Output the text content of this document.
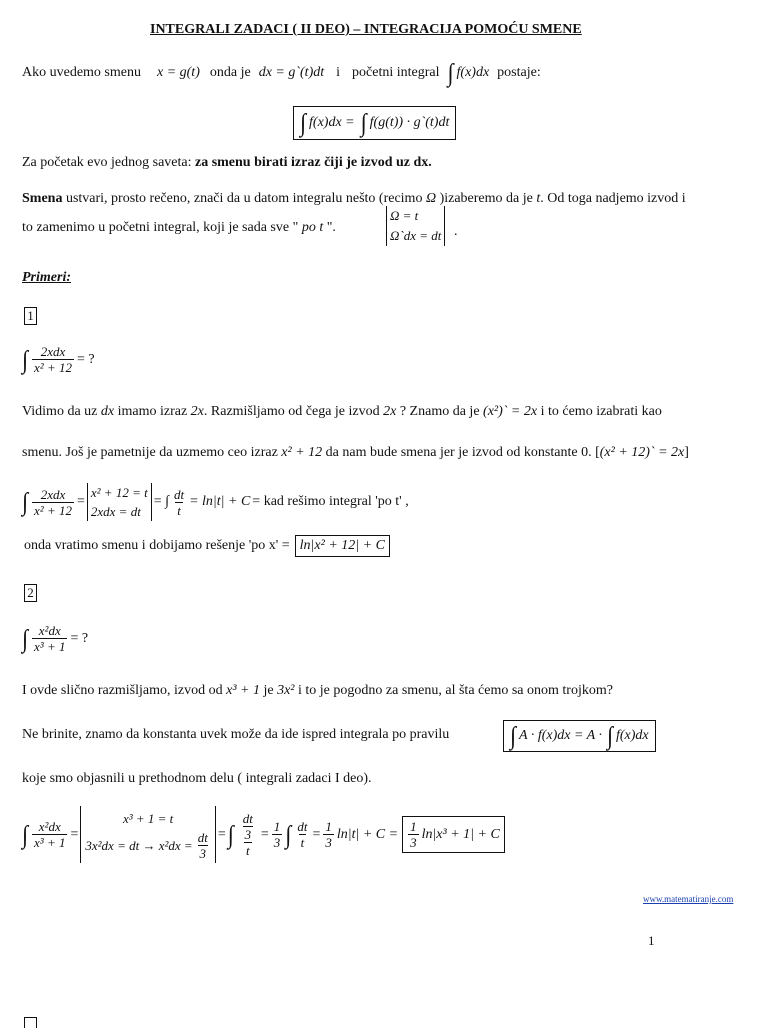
INTEGRALI ZADACI ( II DEO) – INTEGRACIJA POMOĆU SMENE
Ako uvedemo smenu x = g(t) onda je dx = g`(t)dt i početni integral ∫ f(x)dx postaje:
∫ f(x)dx = ∫ f(g(t)) · g`(t)dt
Za početak evo jednog saveta: za smenu birati izraz čiji je izvod uz dx.
Smena ustvari, prosto rečeno, znači da u datom integralu nešto (recimo Ω )izaberemo da je t. Od toga nadjemo izvod i
to zamenimo u početni integral, koji je sada sve " po t ".
Ω = t
Ω`dx = dt .
Primeri:
1
∫ $\frac{\text{2xdx}}{\text{x² + 12}}$ = ?
Vidimo da uz dx imamo izraz 2x. Razmišljamo od čega je izvod 2x ? Znamo da je (x²)` = 2x i to ćemo izabrati kao
smenu. Još je pametnije da uzmemo ceo izraz x² + 12 da nam bude smena jer je izvod od konstante 0. [(x² + 12)` = 2x]
∫ $\frac{\text{2xdx}}{\text{x² + 12}}$ =
x² + 12 = t
2xdx = dt
= ∫ $\frac{dt}{t} = \ln|t| + C$ = kad rešimo integral 'po t' ,
onda vratimo smenu i dobijamo rešenje 'po x' = ln|x² + 12| + C
2
∫ $\frac{\text{x²dx}}{\text{x³ + 1}}$ = ?
I ovde slično razmišljamo, izvod od x³ + 1 je 3x² i to je pogodno za smenu, al šta ćemo sa onom trojkom?
Ne brinite, znamo da konstanta uvek može da ide ispred integrala po pravilu	∫ A · f(x)dx = A · ∫ f(x)dx
koje smo objasnili u prethodnom delu ( integrali zadaci I deo).
∫ $\frac{\text{x²dx}}{\text{x³ + 1}}$ =
x³ + 1 = t
3x²dx = dt → $x^2dx = \frac{dt}{3}$ = ∫ $\frac{\frac{dt}{3}}{t} = \frac{1}{3}$ ∫ $\frac{dt}{t} = \frac{1}{3} \ln|t| + C = \frac{1}{3} \ln|x^3 + 1| + C$
www.matematiranje.com
1
